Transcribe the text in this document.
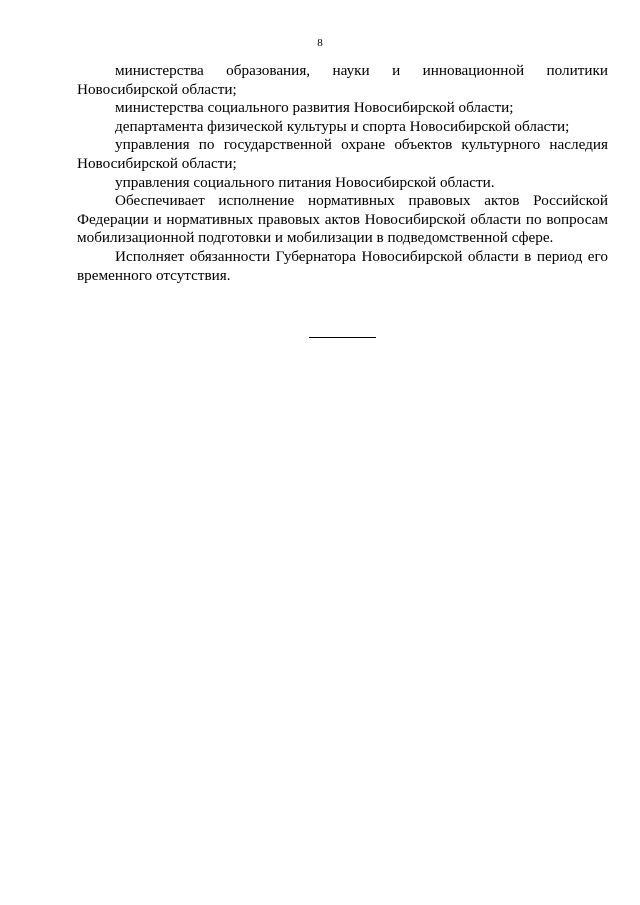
8

министерства образования, науки и инновационной политики Новосибирской области;

министерства социального развития Новосибирской области;

департамента физической культуры и спорта Новосибирской области;

управления по государственной охране объектов культурного наследия Новосибирской области;

управления социального питания Новосибирской области.

Обеспечивает исполнение нормативных правовых актов Российской Федерации и нормативных правовых актов Новосибирской области по вопросам мобилизационной подготовки и мобилизации в подведомственной сфере.

Исполняет обязанности Губернатора Новосибирской области в период его временного отсутствия.
